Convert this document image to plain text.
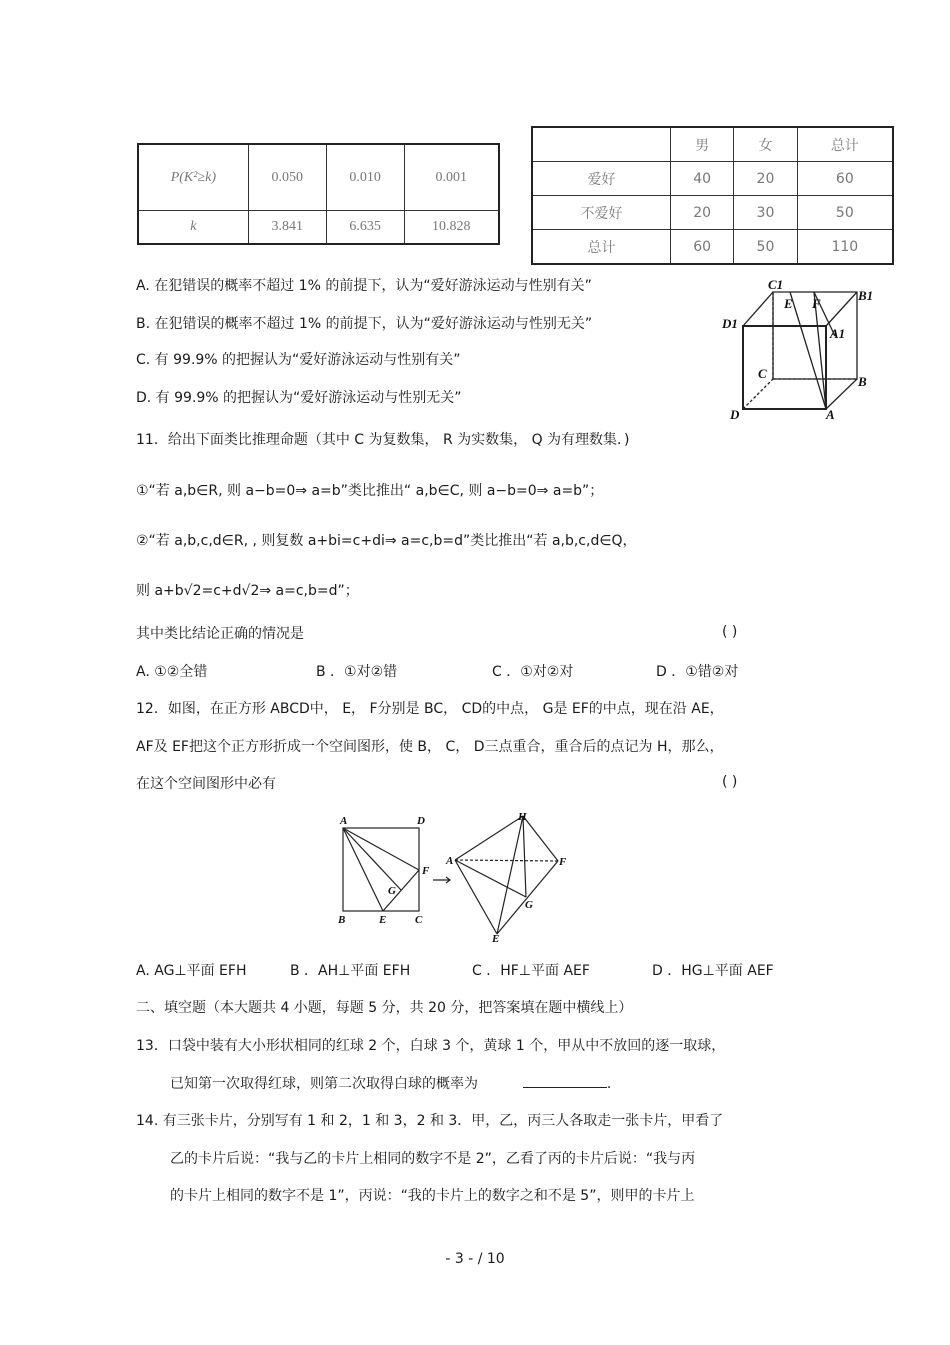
P(K²≥k)	0.050	0.010	0.001
k	3.841	6.635	10.828
	男	女	总计
爱好	40	20	60
不爱好	20	30	50
总计	60	50	110
A. 在犯错误的概率不超过 1% 的前提下，认为“爱好游泳运动与性别有关”
B. 在犯错误的概率不超过 1% 的前提下，认为“爱好游泳运动与性别无关”
C. 有 99.9% 的把握认为“爱好游泳运动与性别有关”
D. 有 99.9% 的把握认为“爱好游泳运动与性别无关”
C1
E F
B1
D1
A1
C
B
D	A
11．给出下面类比推理命题（其中 C 为复数集， R 为实数集， Q 为有理数集．)
①“若 a,b∈R, 则 a−b=0⇒ a=b”类比推出“ a,b∈C, 则 a−b=0⇒ a=b”；
②“若 a,b,c,d∈R, , 则复数 a+bi=c+di⇒ a=c,b=d”类比推出“若 a,b,c,d∈Q，
则 a+b√2=c+d√2⇒ a=c,b=d”；
其中类比结论正确的情况是	( )
A. ①②全错	B ．①对②错	C ．①对②对	D ．①错②对
12．如图，在正方形 ABCD中， E， F分别是 BC， CD的中点， G是 EF的中点，现在沿 AE，
AF及 EF把这个正方形折成一个空间图形，使 B， C， D三点重合，重合后的点记为 H，那么，
在这个空间图形中必有	( )
A	D
F
G
B	E	C
H
A	F
G
E
→
A. AG⊥平面 EFH	B ．AH⊥平面 EFH	C ．HF⊥平面 AEF	D ．HG⊥平面 AEF
二、填空题（本大题共 4 小题，每题 5 分，共 20 分，把答案填在题中横线上）
13．口袋中装有大小形状相同的红球 2 个，白球 3 个，黄球 1 个，甲从中不放回的逐一取球，
已知第一次取得红球，则第二次取得白球的概率为	.
14. 有三张卡片，分别写有 1 和 2，1 和 3，2 和 3．甲，乙，丙三人各取走一张卡片，甲看了
乙的卡片后说：“我与乙的卡片上相同的数字不是 2”，乙看了丙的卡片后说：“我与丙
的卡片上相同的数字不是 1”，丙说：“我的卡片上的数字之和不是 5”，则甲的卡片上
- 3 - / 10
